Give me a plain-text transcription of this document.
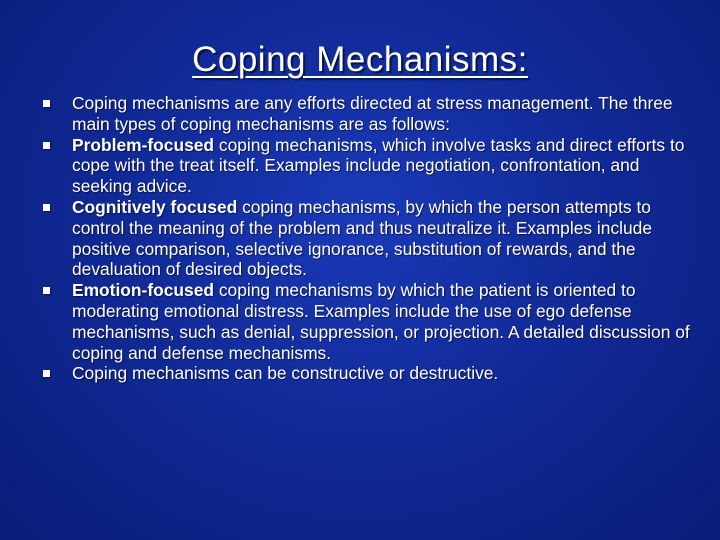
Coping Mechanisms:
Coping mechanisms are any efforts directed at stress management. The three main types of coping mechanisms are as follows:
Problem-focused coping mechanisms, which involve tasks and direct efforts to cope with the treat itself. Examples include negotiation, confrontation, and seeking advice.
Cognitively focused coping mechanisms, by which the person attempts to control the meaning of the problem and thus neutralize it. Examples include positive comparison, selective ignorance, substitution of rewards, and the devaluation of desired objects.
Emotion-focused coping mechanisms by which the patient is oriented to moderating emotional distress. Examples include the use of ego defense mechanisms, such as denial, suppression, or projection. A detailed discussion of coping and defense mechanisms.
Coping mechanisms can be constructive or destructive.
